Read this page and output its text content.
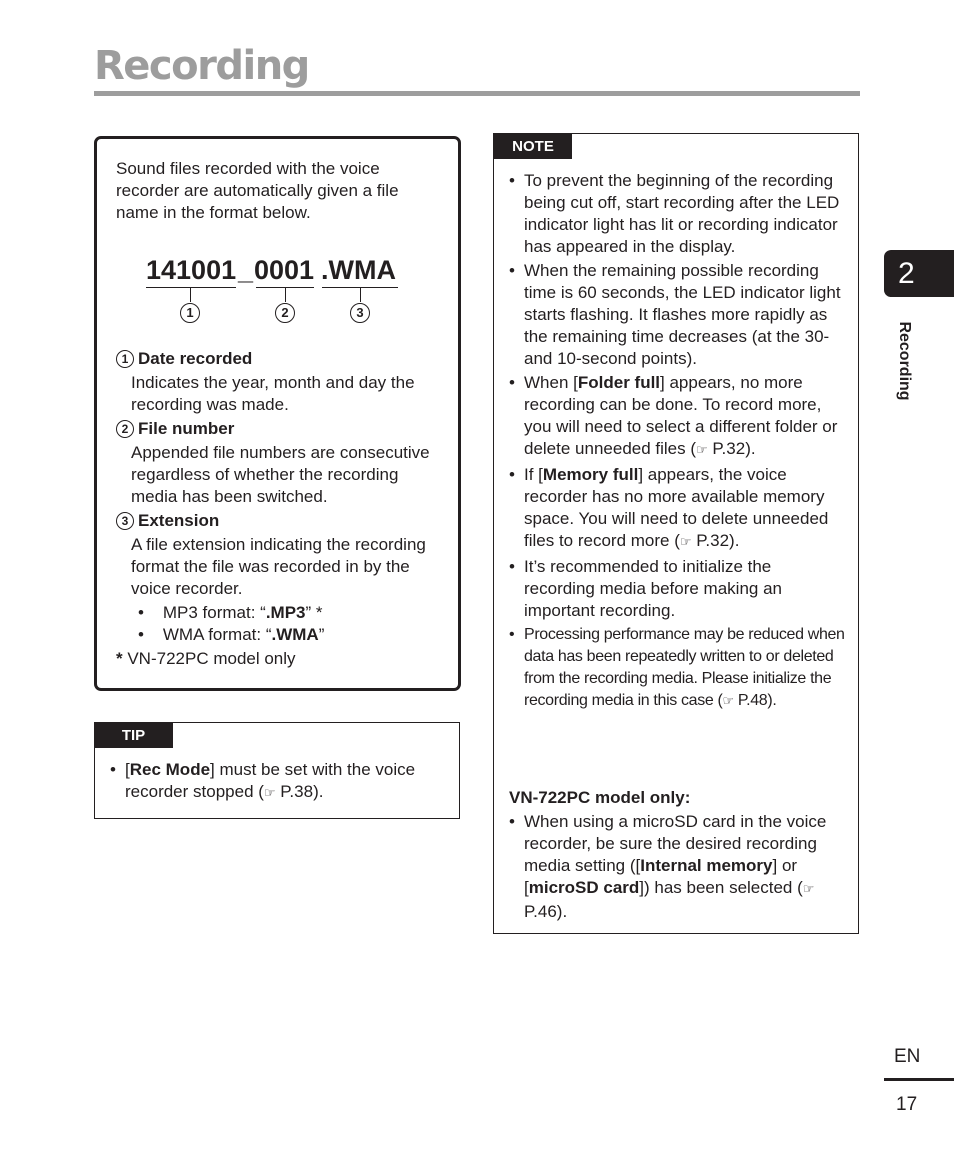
Recording
Sound files recorded with the voice recorder are automatically given a file name in the format below.
141001 _ 0001 .WMA
1	2	3
1 Date recorded
Indicates the year, month and day the recording was made.
2 File number
Appended file numbers are consecutive regardless of whether the recording media has been switched.
3 Extension
A file extension indicating the recording format the file was recorded in by the voice recorder.
•    MP3 format: “.MP3” *
•    WMA format: “.WMA”
* VN-722PC model only
TIP
• [Rec Mode] must be set with the voice recorder stopped (☞ P.38).
NOTE
• To prevent the beginning of the recording being cut off, start recording after the LED indicator light has lit or recording indicator has appeared in the display.
• When the remaining possible recording time is 60 seconds, the LED indicator light starts flashing. It flashes more rapidly as the remaining time decreases (at the 30- and 10-second points).
• When [Folder full] appears, no more recording can be done. To record more, you will need to select a different folder or delete unneeded files (☞ P.32).
• If [Memory full] appears, the voice recorder has no more available memory space. You will need to delete unneeded files to record more (☞ P.32).
• It’s recommended to initialize the recording media before making an important recording.
• Processing performance may be reduced when data has been repeatedly written to or deleted from the recording media. Please initialize the recording media in this case (☞ P.48).
VN-722PC model only:
• When using a microSD card in the voice recorder, be sure the desired recording media setting ([Internal memory] or [microSD card]) has been selected (☞ P.46).
2
Recording
EN
17
